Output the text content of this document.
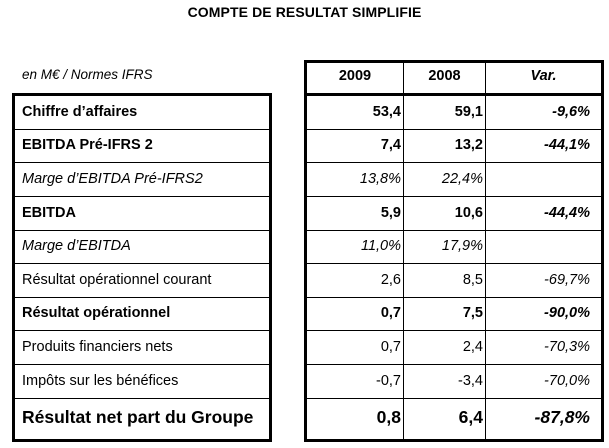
COMPTE DE RESULTAT SIMPLIFIE
en M€ / Normes IFRS	2009	2008	Var.
Chiffre d’affaires	53,4	59,1	-9,6%
EBITDA Pré-IFRS 2	7,4	13,2	-44,1%
Marge d’EBITDA Pré-IFRS2	13,8%	22,4%
EBITDA	5,9	10,6	-44,4%
Marge d’EBITDA	11,0%	17,9%
Résultat opérationnel courant	2,6	8,5	-69,7%
Résultat opérationnel	0,7	7,5	-90,0%
Produits financiers nets	0,7	2,4	-70,3%
Impôts sur les bénéfices	-0,7	-3,4	-70,0%
Résultat net part du Groupe	0,8	6,4	-87,8%
